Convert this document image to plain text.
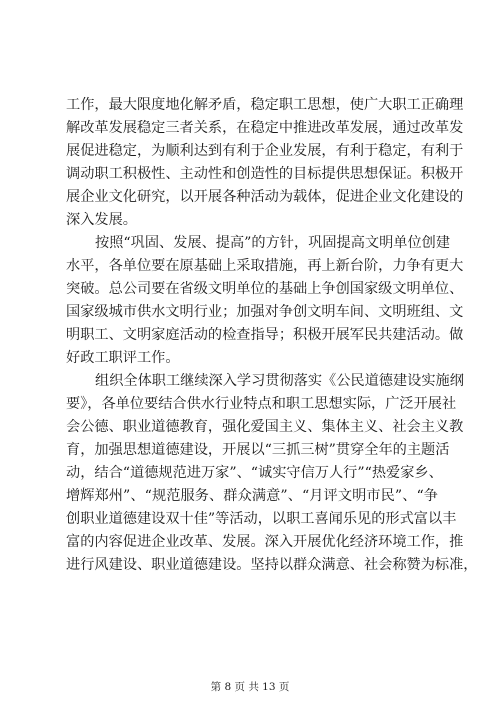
工作，最大限度地化解矛盾，稳定职工思想，使广大职工正确理
解改革发展稳定三者关系，在稳定中推进改革发展，通过改革发
展促进稳定，为顺利达到有利于企业发展，有利于稳定，有利于
调动职工积极性、主动性和创造性的目标提供思想保证。积极开
展企业文化研究，以开展各种活动为载体，促进企业文化建设的
深入发展。
按照“巩固、发展、提高”的方针，巩固提高文明单位创建
水平，各单位要在原基础上采取措施，再上新台阶，力争有更大
突破。总公司要在省级文明单位的基础上争创国家级文明单位、
国家级城市供水文明行业；加强对争创文明车间、文明班组、文
明职工、文明家庭活动的检查指导；积极开展军民共建活动。做
好政工职评工作。
组织全体职工继续深入学习贯彻落实《公民道德建设实施纲
要》，各单位要结合供水行业特点和职工思想实际，广泛开展社
会公德、职业道德教育，强化爱国主义、集体主义、社会主义教
育，加强思想道德建设，开展以“三抓三树”贯穿全年的主题活
动，结合“道德规范进万家”、“诚实守信万人行”“热爱家乡、
增辉郑州”、“规范服务、群众满意”、“月评文明市民”、“争
创职业道德建设双十佳”等活动，以职工喜闻乐见的形式富以丰
富的内容促进企业改革、发展。深入开展优化经济环境工作，推
进行风建设、职业道德建设。坚持以群众满意、社会称赞为标准，
第 8 页 共 13 页
